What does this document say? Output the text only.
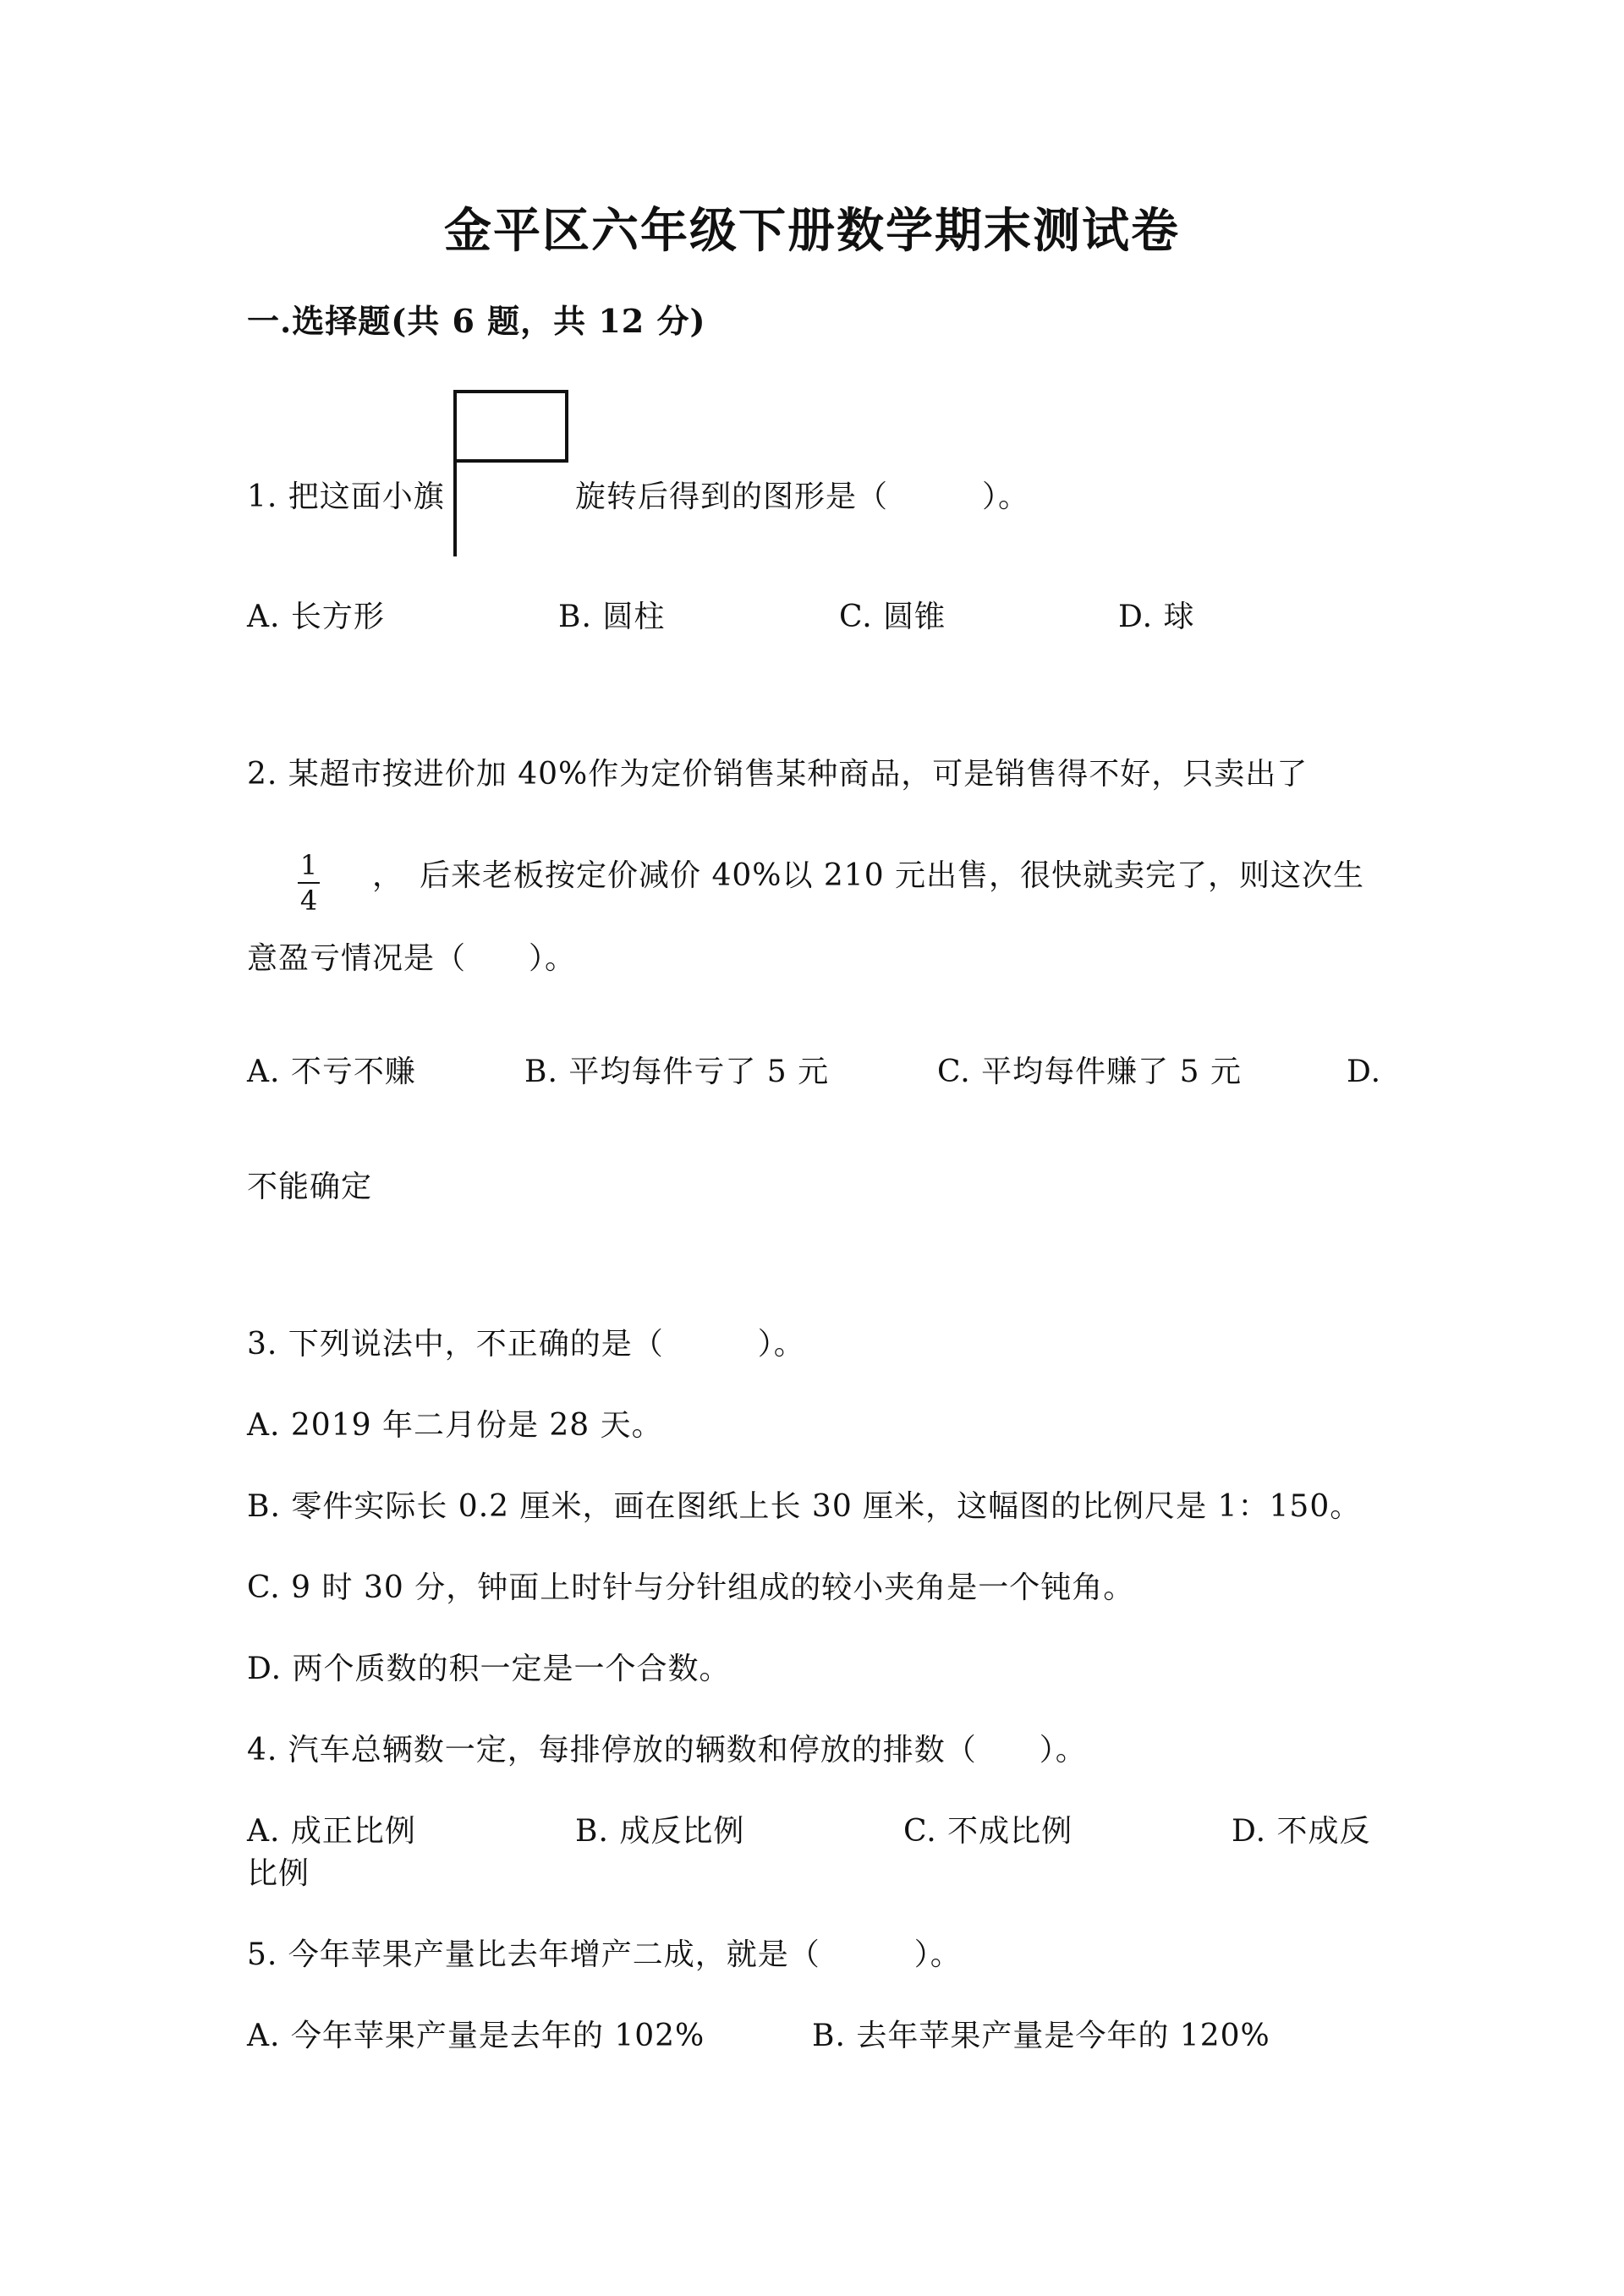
金平区六年级下册数学期末测试卷
一.选择题(共 6 题，共 12 分)
1. 把这面小旗	旋转后得到的图形是（　　　）。
A. 长方形	B. 圆柱	C. 圆锥	D. 球
2. 某超市按进价加 40%作为定价销售某种商品，可是销售得不好，只卖出了
1
4
，　后来老板按定价减价 40%以 210 元出售，很快就卖完了，则这次生
意盈亏情况是（　　）。
A. 不亏不赚	B. 平均每件亏了 5 元	C. 平均每件赚了 5 元	D.
不能确定
3. 下列说法中，不正确的是（　　　）。
A. 2019 年二月份是 28 天。
B. 零件实际长 0.2 厘米，画在图纸上长 30 厘米，这幅图的比例尺是 1：150。
C. 9 时 30 分，钟面上时针与分针组成的较小夹角是一个钝角。
D. 两个质数的积一定是一个合数。
4. 汽车总辆数一定，每排停放的辆数和停放的排数（　　）。
A. 成正比例	B. 成反比例	C. 不成比例	D. 不成反
比例
5. 今年苹果产量比去年增产二成，就是（　　　）。
A. 今年苹果产量是去年的 102%	B. 去年苹果产量是今年的 120%
